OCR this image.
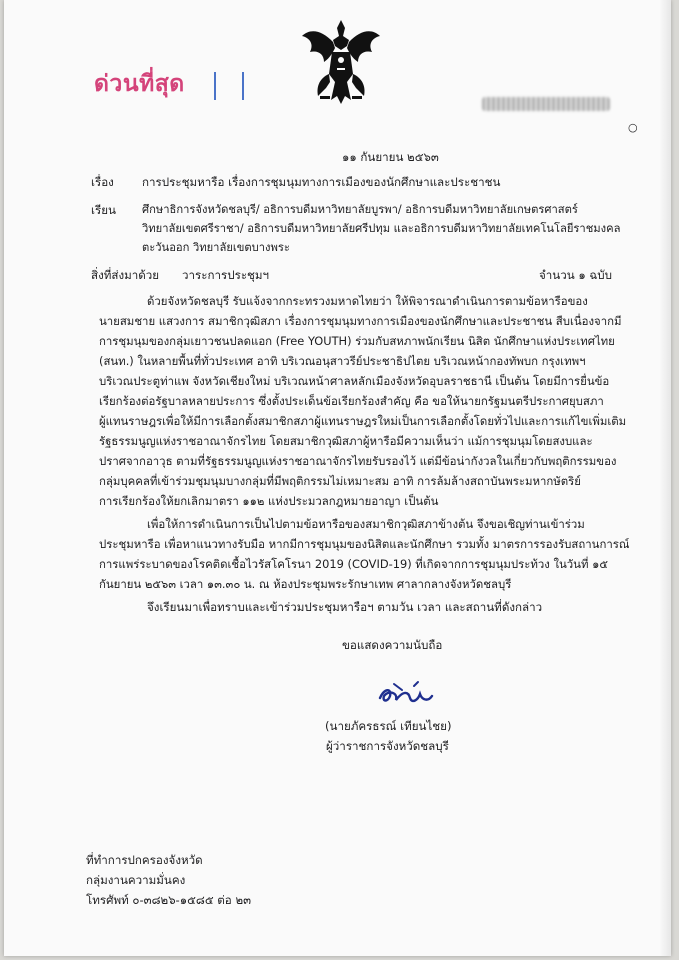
ด่วนที่สุด
○
๑๑ กันยายน ๒๕๖๓
เรื่อง การประชุมหารือ เรื่องการชุมนุมทางการเมืองของนักศึกษาและประชาชน
เรียน ศึกษาธิการจังหวัดชลบุรี/ อธิการบดีมหาวิทยาลัยบูรพา/ อธิการบดีมหาวิทยาลัยเกษตรศาสตร์
วิทยาลัยเขตศรีราชา/ อธิการบดีมหาวิทยาลัยศรีปทุม และอธิการบดีมหาวิทยาลัยเทคโนโลยีราชมงคล
ตะวันออก วิทยาลัยเขตบางพระ
สิ่งที่ส่งมาด้วย วาระการประชุมฯ	จำนวน ๑ ฉบับ
ด้วยจังหวัดชลบุรี รับแจ้งจากกระทรวงมหาดไทยว่า ให้พิจารณาดำเนินการตามข้อหารือของ
นายสมชาย แสวงการ สมาชิกวุฒิสภา เรื่องการชุมนุมทางการเมืองของนักศึกษาและประชาชน สืบเนื่องจากมี
การชุมนุมของกลุ่มเยาวชนปลดแอก (Free YOUTH) ร่วมกับสหภาพนักเรียน นิสิต นักศึกษาแห่งประเทศไทย
(สนท.) ในหลายพื้นที่ทั่วประเทศ อาทิ บริเวณอนุสาวรีย์ประชาธิปไตย บริเวณหน้ากองทัพบก กรุงเทพฯ
บริเวณประตูท่าแพ จังหวัดเชียงใหม่ บริเวณหน้าศาลหลักเมืองจังหวัดอุบลราชธานี เป็นต้น โดยมีการยื่นข้อ
เรียกร้องต่อรัฐบาลหลายประการ ซึ่งตั้งประเด็นข้อเรียกร้องสำคัญ คือ ขอให้นายกรัฐมนตรีประกาศยุบสภา
ผู้แทนราษฎรเพื่อให้มีการเลือกตั้งสมาชิกสภาผู้แทนราษฎรใหม่เป็นการเลือกตั้งโดยทั่วไปและการแก้ไขเพิ่มเติม
รัฐธรรมนูญแห่งราชอาณาจักรไทย โดยสมาชิกวุฒิสภาผู้หารือมีความเห็นว่า แม้การชุมนุมโดยสงบและ
ปราศจากอาวุธ ตามที่รัฐธรรมนูญแห่งราชอาณาจักรไทยรับรองไว้ แต่มีข้อน่ากังวลในเกี่ยวกับพฤติกรรมของ
กลุ่มบุคคลที่เข้าร่วมชุมนุมบางกลุ่มที่มีพฤติกรรมไม่เหมาะสม อาทิ การล้มล้างสถาบันพระมหากษัตริย์
การเรียกร้องให้ยกเลิกมาตรา ๑๑๒ แห่งประมวลกฎหมายอาญา เป็นต้น
เพื่อให้การดำเนินการเป็นไปตามข้อหารือของสมาชิกวุฒิสภาข้างต้น จึงขอเชิญท่านเข้าร่วม
ประชุมหารือ เพื่อหาแนวทางรับมือ หากมีการชุมนุมของนิสิตและนักศึกษา รวมทั้ง มาตรการรองรับสถานการณ์
การแพร่ระบาดของโรคติดเชื้อไวรัสโคโรนา 2019 (COVID-19) ที่เกิดจากการชุมนุมประท้วง ในวันที่ ๑๕
กันยายน ๒๕๖๓ เวลา ๑๓.๓๐ น. ณ ห้องประชุมพระรักษาเทพ ศาลากลางจังหวัดชลบุรี
จึงเรียนมาเพื่อทราบและเข้าร่วมประชุมหารือฯ ตามวัน เวลา และสถานที่ดังกล่าว
ขอแสดงความนับถือ
(นายภัครธรณ์ เทียนไชย)
ผู้ว่าราชการจังหวัดชลบุรี
ที่ทำการปกครองจังหวัด
กลุ่มงานความมั่นคง
โทรศัพท์ ๐-๓๘๒๖-๑๕๘๕ ต่อ ๒๓
